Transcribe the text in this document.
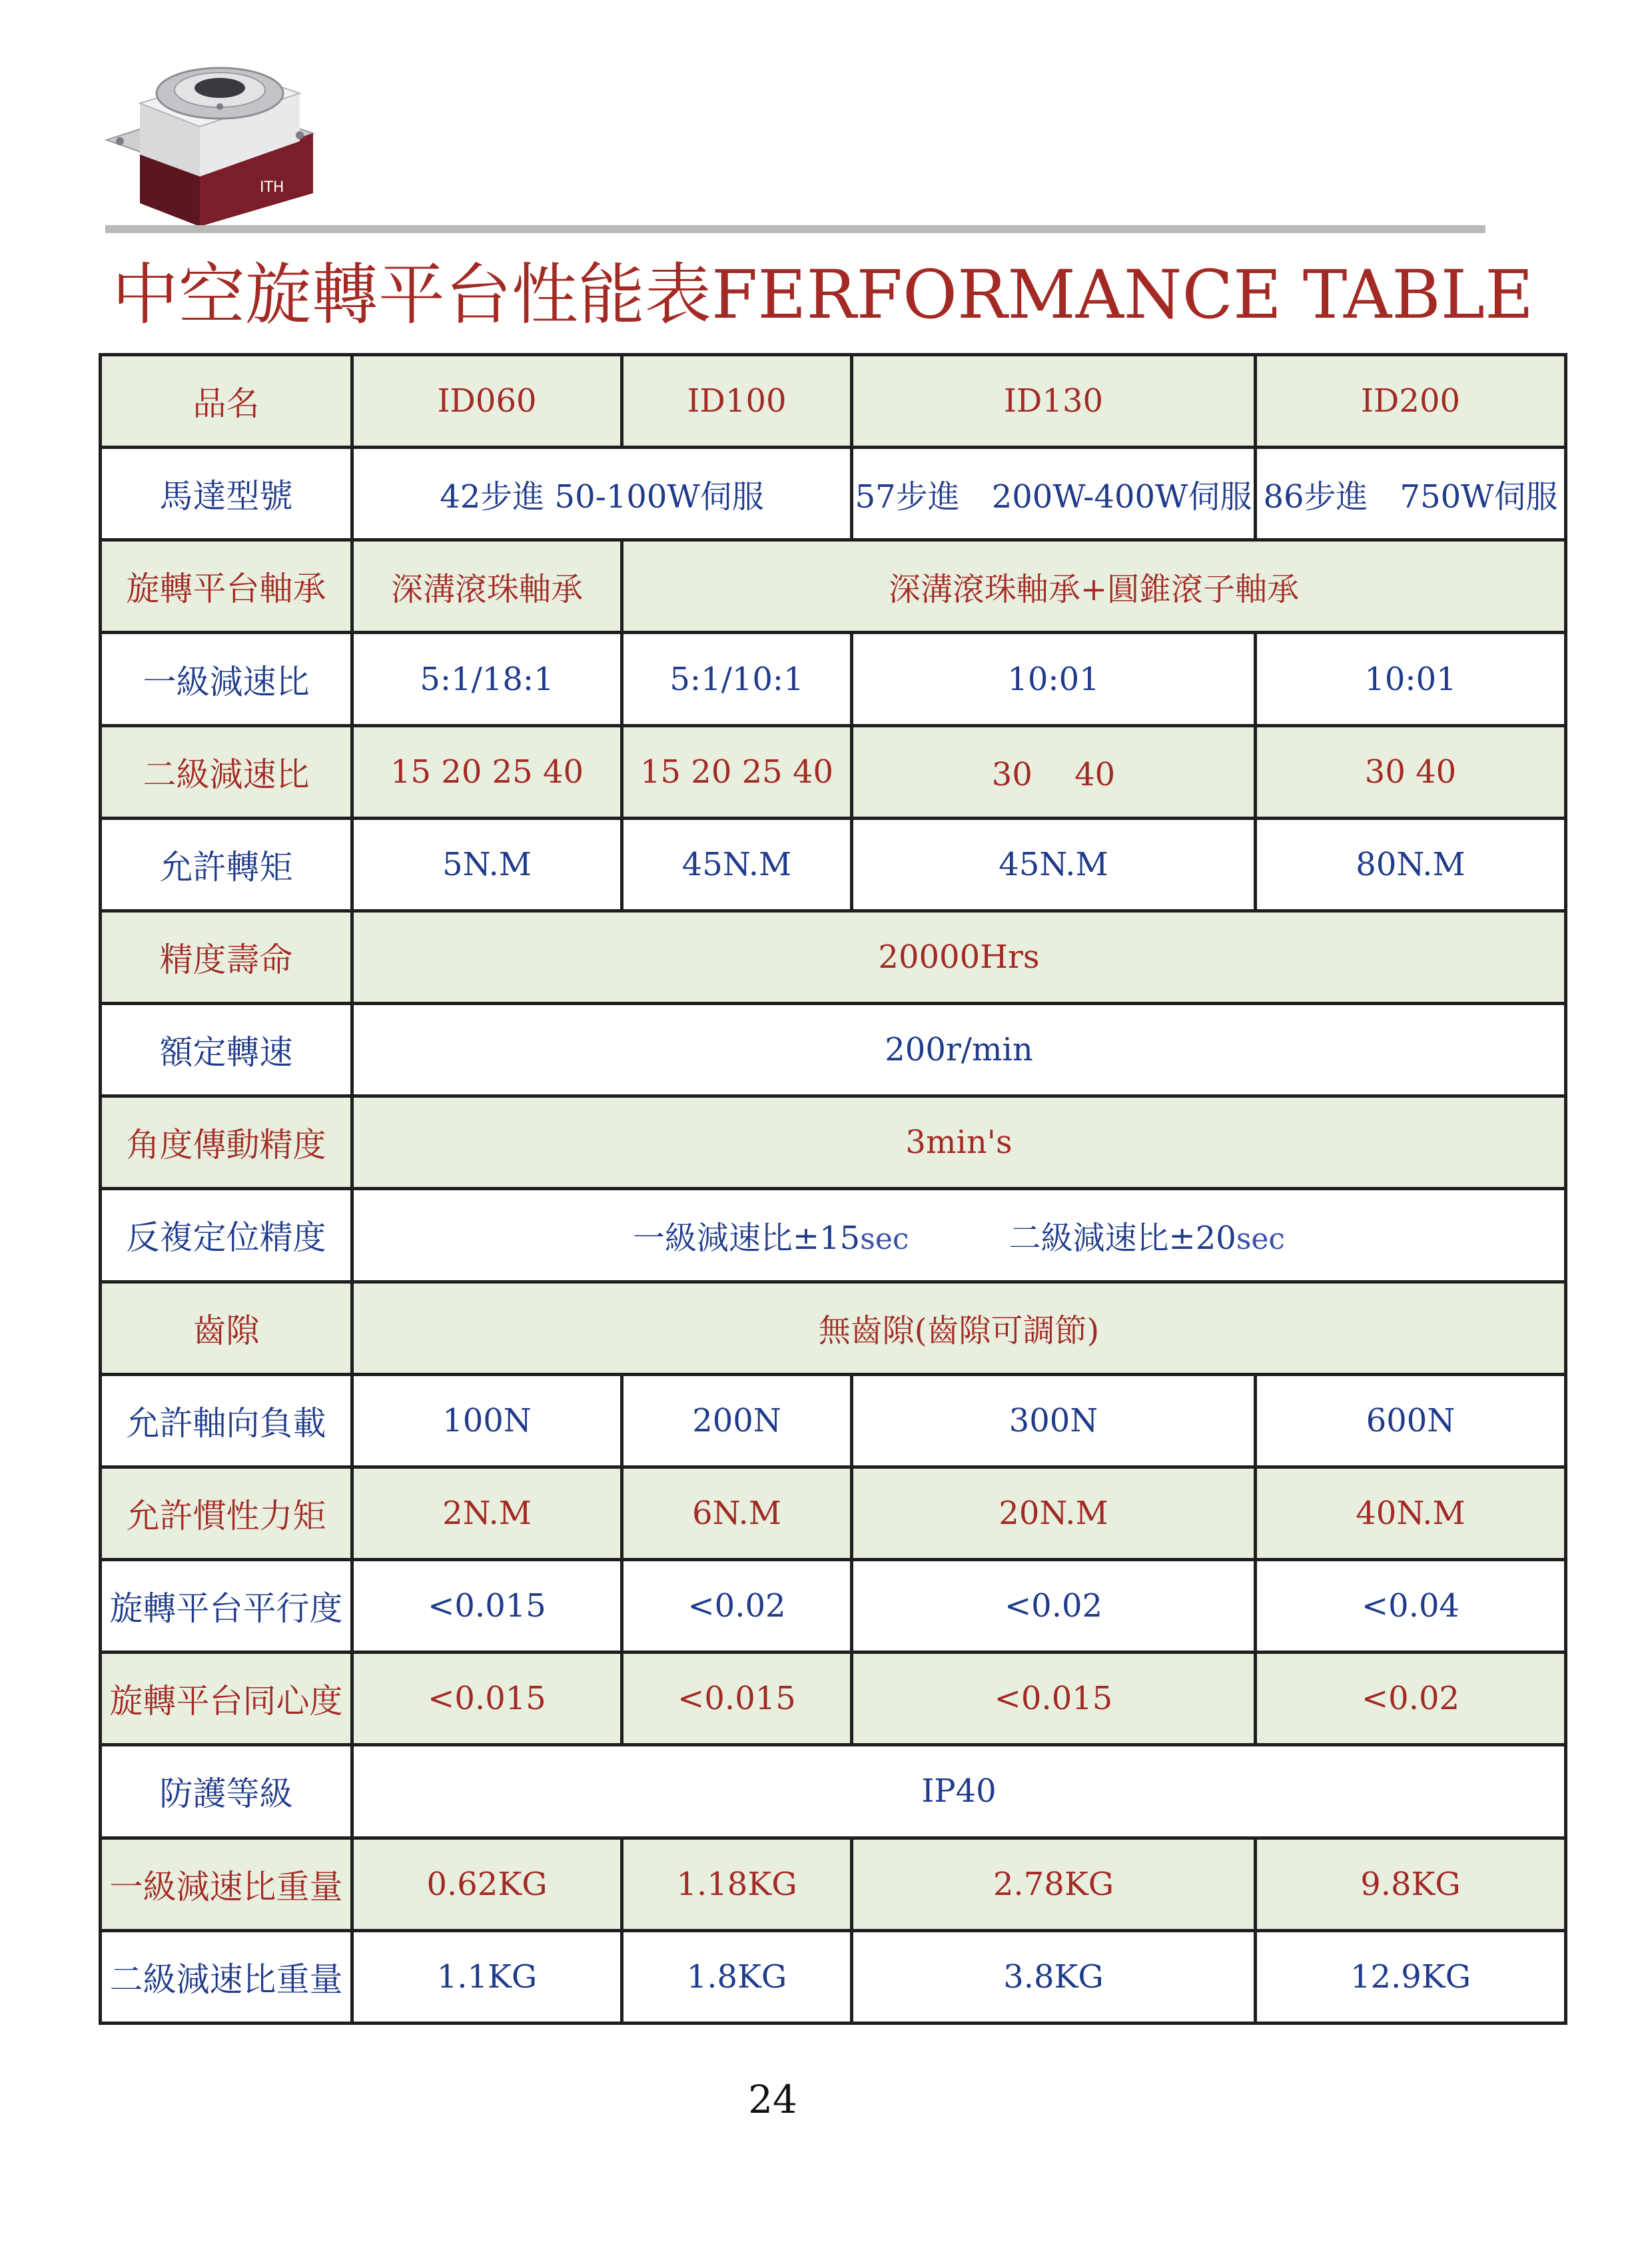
ITH
中空旋轉平台性能表FERFORMANCE TABLE
品名	ID060	ID100	ID130	ID200
馬達型號	42步進 50-100W伺服		57步進　200W-400W伺服	86步進　750W伺服
旋轉平台軸承	深溝滾珠軸承	深溝滾珠軸承+圓錐滾子軸承		
一級減速比	5:1/18:1	5:1/10:1	10:01	10:01
二級減速比	15 20 25 40	15 20 25 40	30　 40	30 40
允許轉矩	5N.M	45N.M	45N.M	80N.M
精度壽命	20000Hrs			
額定轉速	200r/min			
角度傳動精度	3min's			
反複定位精度	一級減速比±15sec 二級減速比±20sec			
齒隙	無齒隙(齒隙可調節)			
允許軸向負載	100N	200N	300N	600N
允許慣性力矩	2N.M	6N.M	20N.M	40N.M
旋轉平台平行度	<0.015	<0.02	<0.02	<0.04
旋轉平台同心度	<0.015	<0.015	<0.015	<0.02
防護等級	IP40			
一級減速比重量	0.62KG	1.18KG	2.78KG	9.8KG
二級減速比重量	1.1KG	1.8KG	3.8KG	12.9KG
24
